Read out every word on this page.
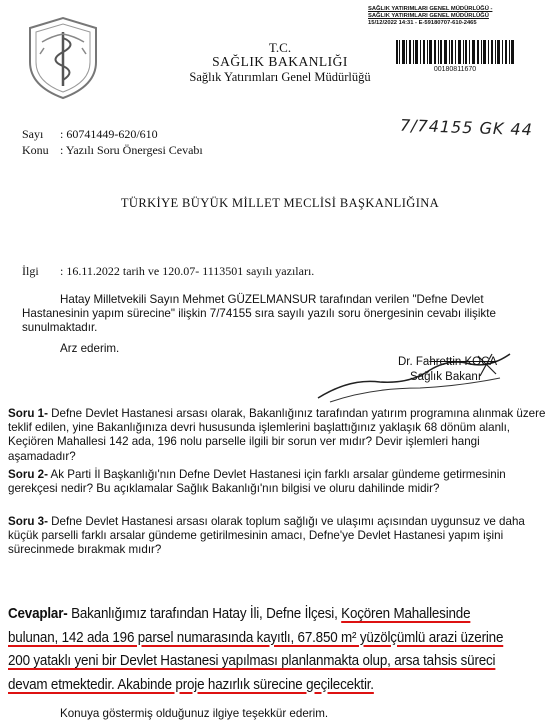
T.C.
SAĞLIK BAKANLIĞI
Sağlık Yatırımları Genel Müdürlüğü
SAĞLIK YATIRIMLARI GENEL MÜDÜRLÜĞÜ -
SAĞLIK YATIRIMLARI GENEL MÜDÜRLÜĞÜ
15/12/2022 14:31 - E-59180707-610-2465
00180811670
Sayı : 60741449-620/610
Konu : Yazılı Soru Önergesi Cevabı
7/74155 GK 44
TÜRKİYE BÜYÜK MİLLET MECLİSİ BAŞKANLIĞINA
İlgi : 16.11.2022 tarih ve 120.07- 1113501 sayılı yazıları.
Hatay Milletvekili Sayın Mehmet GÜZELMANSUR tarafından verilen "Defne Devlet Hastanesinin yapım sürecine" ilişkin 7/74155 sıra sayılı yazılı soru önergesinin cevabı ilişikte sunulmaktadır.
Arz ederim.
Dr. Fahrettin KOCA
Sağlık Bakanı
Soru 1- Defne Devlet Hastanesi arsası olarak, Bakanlığınız tarafından yatırım programına alınmak üzere teklif edilen, yine Bakanlığınıza devri hususunda işlemlerini başlattığınız yaklaşık 68 dönüm alanlı, Keçiören Mahallesi 142 ada, 196 nolu parselle ilgili bir sorun ver mıdır? Devir işlemleri hangi aşamadadır?
Soru 2- Ak Parti İl Başkanlığı'nın Defne Devlet Hastanesi için farklı arsalar gündeme getirmesinin gerekçesi nedir? Bu açıklamalar Sağlık Bakanlığı'nın bilgisi ve oluru dahilinde midir?
Soru 3- Defne Devlet Hastanesi arsası olarak toplum sağlığı ve ulaşımı açısından uygunsuz ve daha küçük parselli farklı arsalar gündeme getirilmesinin amacı, Defne'ye Devlet Hastanesi yapım işini sürecinmede bırakmak mıdır?
Cevaplar- Bakanlığımız tarafından Hatay İli, Defne İlçesi, Koçören Mahallesinde bulunan, 142 ada 196 parsel numarasında kayıtlı, 67.850 m² yüzölçümlü arazi üzerine 200 yataklı yeni bir Devlet Hastanesi yapılması planlanmakta olup, arsa tahsis süreci devam etmektedir. Akabinde proje hazırlık sürecine geçilecektir.
Konuya göstermiş olduğunuz ilgiye teşekkür ederim.
